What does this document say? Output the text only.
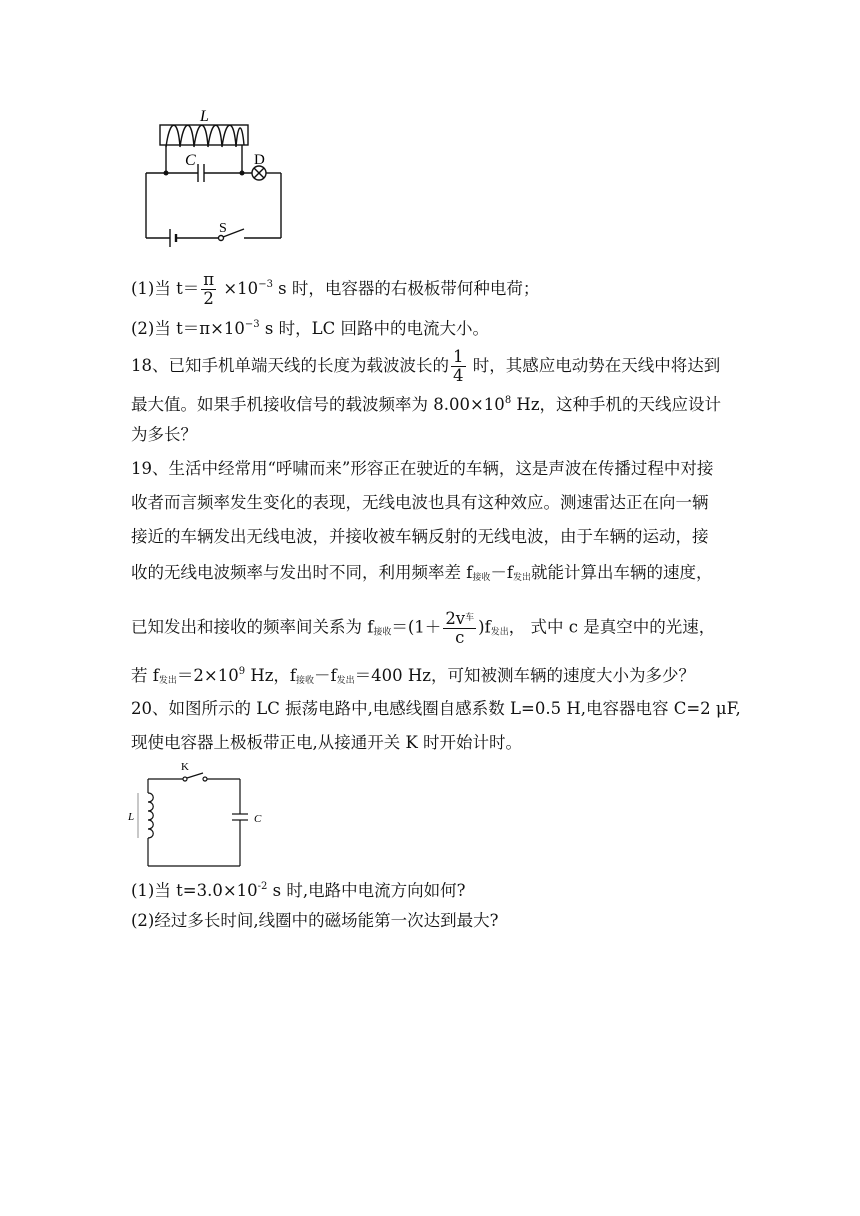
L
C	D
S
K
L	C
(1)当 $t= \frac{\pi}{2} \times 10^{-3}$ s 时，电容器的右极板带何种电荷；
(2)当 $t=\pi\times 10^{-3}$ s 时，LC 回路中的电流大小。
18、已知手机单端天线的长度为载波波长的 $\frac{1}{4}$ 时，其感应电动势在天线中将达到
最大值。如果手机接收信号的载波频率为 $8.00\times 10^8$ Hz，这种手机的天线应设计
为多长？
19、生活中经常用“呼啸而来”形容正在驶近的车辆，这是声波在传播过程中对接
收者而言频率发生变化的表现，无线电波也具有这种效应。测速雷达正在向一辆
接近的车辆发出无线电波，并接收被车辆反射的无线电波，由于车辆的运动，接
收的无线电波频率与发出时不同，利用频率差 $f_{接收}-f_{发出}$就能计算出车辆的速度，
已知发出和接收的频率间关系为 $f_{接收}=(1+ \frac{2v^车}{c} )f_{发出}$， 式中 c 是真空中的光速，
若 $f_{发出}=2\times 10^9$ Hz，$f_{接收}-f_{发出}=400$ Hz，可知被测车辆的速度大小为多少？
20、如图所示的 LC 振荡电路中,电感线圈自感系数 L=0.5 H,电容器电容 C=2 μF,
现使电容器上极板带正电,从接通开关 K 时开始计时。
(1)当 $t=3.0\times 10^{-2}$ s 时,电路中电流方向如何?
(2)经过多长时间,线圈中的磁场能第一次达到最大?
